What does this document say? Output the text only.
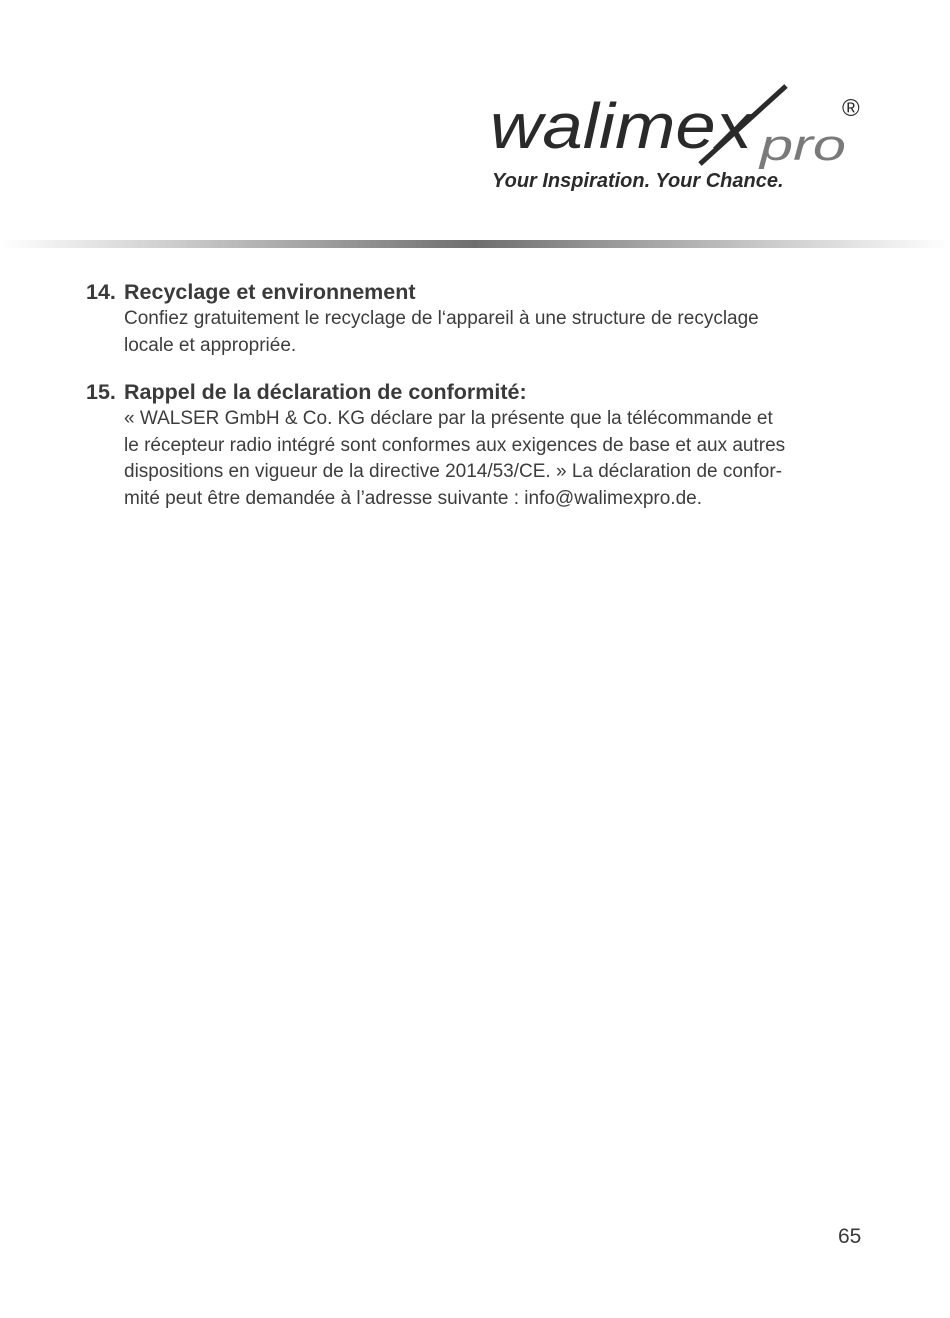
walimex pro
®
Your Inspiration. Your Chance.
14. Recyclage et environnement

Confiez gratuitement le recyclage de l‘appareil à une structure de recyclage

locale et appropriée.

15. Rappel de la déclaration de conformité:

« WALSER GmbH & Co. KG déclare par la présente que la télécommande et

le récepteur radio intégré sont conformes aux exigences de base et aux autres

dispositions en vigueur de la directive 2014/53/CE. » La déclaration de confor-

mité peut être demandée à l’adresse suivante : info@walimexpro.de.

65
